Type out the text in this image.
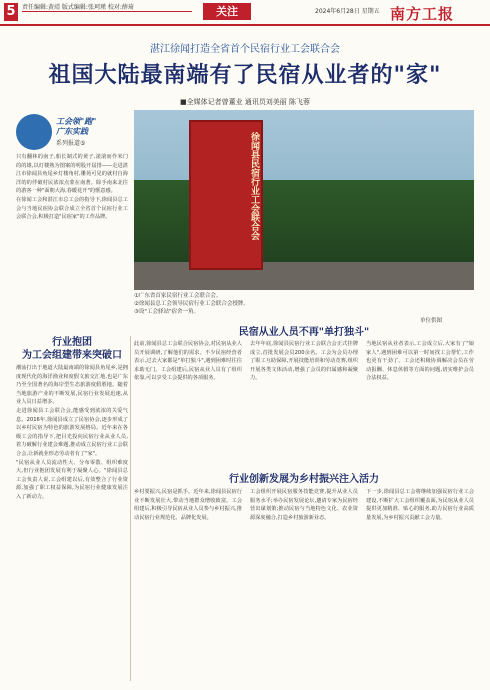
5	责任编辑:黄靖 版式编辑:张珂瑾 校对:薛琦	关注	2024年6月28日 星期五 南方工报
湛江徐闻打造全省首个民宿行业工会联合会
祖国大陆最南端有了民宿从业者的"家"
■全媒体记者曾董业 通讯员刘美丽 陈飞蓉
工会领"跑"
广东实践
系列报道⑤
只有翻林的南子,船长制式的黄子,滚滚而作米门的的雄,以灯楼熟为图案的明股开届排——走进湛江市徐闻县角尾乡灯楼角村,雕苑可见的就村自海洋的的伴破村民浓浓点蒙在南著。除手南来北往的游客一种"面朝大海,春暖花开"的惬意感。
在徐闻工会和湛江市总工会的指导下,徐闻县总工会与当地民宿协会联合成立全省首个民宿行业工会联合会,积极打造"民宿家"的工作品牌。	徐闻县民宿行业工会联合会
①广东省首家民宿行业工会联合会。
②徐闻县总工会领导民宿行业工会联合会授牌。
③设"工会驿站"宿舍一角。
单位供图
行业抱团
为工会组建带来突破口
潮汕打出于地道大陆最南端的徐闻县角尾乡,是拥度现代化的海洋渔业和度假文旅交汇地,也是广东乃至全国著名的海岸型生态旅游度假胜地。随着当地旅游产业的不断发展,民宿行业发展迅速,从业人员日益增多。
走进徐闻县工会联合会,能感受到浓浓的关爱气息。2016年,徐闻县成立了民宿协会,逐步形成了以乡村民宿为特色的旅游发展格局。近年来在各级工会的指导下,把目光投向民宿行业从业人员,着力破解行业建会难题,推动成立民宿行业工会联合会,让新就业形态劳动者有了"家"。
"民宿从业人员流动性大、分布零散、组织难度大,但行业抱团发展有利于凝聚人心。"徐闻县总工会负责人说,工会组建以后,有效整合了行业资源,加强了职工权益保障,为民宿行业健康发展注入了新动力。
民宿从业人员不再"单打独斗"
此前,徐闻县总工会联合民宿协会,对民宿从业人员开展调研,了解他们的需求。不少民宿经营者表示,过去大家都是"单打独斗",遇到困难时往往求助无门。工会组建后,民宿从业人员有了组织依靠,可以享受工会提供的各项服务。
去年年底,徐闻县民宿行业工会联合会正式挂牌成立,首批发展会员200余名。工会为会员办理了职工互助保障,开展技能培训和劳动竞赛,组织开展各类文体活动,增强了会员的归属感和凝聚力。
当地民宿从业者表示,工会成立后,大家有了"娘家人",遇到困难可以第一时间找工会帮忙,工作也更有干劲了。工会还积极协调解决会员在劳动报酬、休息休假等方面的问题,切实维护会员合法权益。
行业创新发展为乡村振兴注入活力
乡村要振兴,民宿是抓手。近年来,徐闻县民宿行业不断发展壮大,带动当地群众增收致富。工会组建后,积极引导民宿从业人员参与乡村振兴,推动民宿行业规范化、品牌化发展。
工会组织开展民宿服务技能竞赛,提升从业人员服务水平;举办民宿发展论坛,邀请专家为民宿经营出谋划策;推动民宿与当地特色文化、农业资源深度融合,打造乡村旅游新业态。
下一步,徐闻县总工会将继续加强民宿行业工会建设,不断扩大工会组织覆盖面,为民宿从业人员提供更加精准、贴心的服务,助力民宿行业高质量发展,为乡村振兴贡献工会力量。
